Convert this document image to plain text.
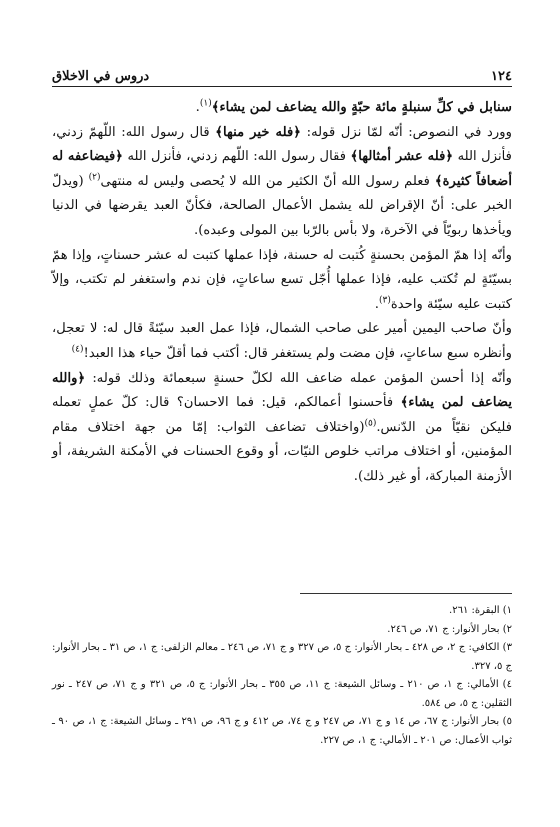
١٢٤
دروس في الاخلاق

سنابل في كلِّ سنبلةٍ مائة حبّةٍ والله يضاعف لمن يشاء﴾$^{(١)}$.

وورد في النصوص: أنّه لمّا نزل قوله: ﴿فله خير منها﴾ قال رسول الله: اللّهمّ زدني، فأنزل الله ﴿فله عشر أمثالها﴾ فقال رسول الله: اللّهم زدني، فأنزل الله ﴿فيضاعفه له أضعافاً كثيرة﴾ فعلم رسول الله أنّ الكثير من الله لا يُحصى وليس له منتهى$^{(٢)}$ (ويدلّ الخبر على: أنّ الإقراض لله يشمل الأعمال الصالحة، فكأنّ العبد يقرضها في الدنيا ويأخذها ربويّاً في الآخرة، ولا بأس بالرّبا بين المولى وعبده).

وأنّه إذا همّ المؤمن بحسنةٍ كُتبت له حسنة، فإذا عملها كتبت له عشر حسناتٍ، وإذا همّ بسيّئةٍ لم تُكتب عليه، فإذا عملها أُجّل تسع ساعاتٍ، فإن ندم واستغفر لم تكتب، وإلاّ كتبت عليه سيّئة واحدة$^{(٣)}$.

وأنّ صاحب اليمين أمير على صاحب الشمال، فإذا عمل العبد سيّئةً قال له: لا تعجل، وأنظره سبع ساعاتٍ، فإن مضت ولم يستغفر قال: أكتب فما أقلّ حياء هذا العبد!$^{(٤)}$

وأنّه إذا أحسن المؤمن عمله ضاعف الله لكلّ حسنةٍ سبعمائة وذلك قوله: ﴿والله يضاعف لمن يشاء﴾ فأحسنوا أعمالكم، قيل: فما الاحسان؟ قال: كلّ عملٍ تعمله فليكن نقيّاً من الدّنس.$^{(٥)}$(واختلاف تضاعف الثواب: إمّا من جهة اختلاف مقام المؤمنين، أو اختلاف مراتب خلوص النيّات، أو وقوع الحسنات في الأمكنة الشريفة، أو الأزمنة المباركة، أو غير ذلك).

١) البقرة: ٢٦١.

٢) بحار الأنوار: ج ٧١، ص ٢٤٦.

٣) الكافي: ج ٢، ص ٤٢٨ ـ بحار الأنوار: ج ٥، ص ٣٢٧ و ج ٧١، ص ٢٤٦ ـ معالم الزلفى: ج ١، ص ٣١ ـ بحار الأنوار: ج ٥، ٣٢٧.

٤) الأمالي: ج ١، ص ٢١٠ ـ وسائل الشيعة: ج ١١، ص ٣٥٥ ـ بحار الأنوار: ج ٥، ص ٣٢١ و ج ٧١، ص ٢٤٧ ـ نور الثقلين: ج ٥، ص ٥٨٤.

٥) بحار الأنوار: ج ٦٧، ص ١٤ و ج ٧١، ص ٢٤٧ و ج ٧٤، ص ٤١٢ و ج ٩٦، ص ٢٩١ ـ وسائل الشيعة: ج ١، ص ٩٠ ـ ثواب الأعمال: ص ٢٠١ ـ الأمالي: ج ١، ص ٢٢٧.
